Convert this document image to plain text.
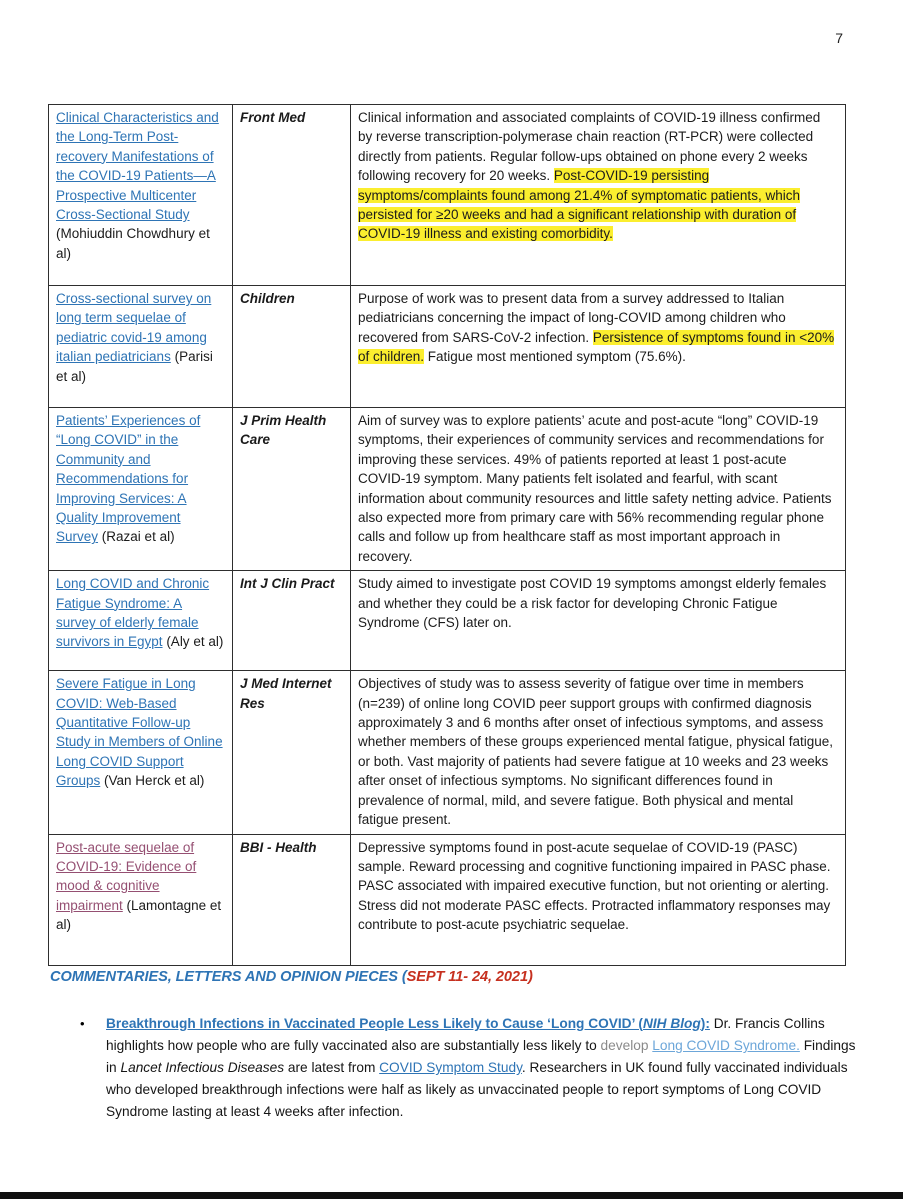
7
Clinical Characteristics and the Long-Term Post-recovery Manifestations of the COVID-19 Patients—A Prospective Multicenter Cross-Sectional Study (Mohiuddin Chowdhury et al)	Front Med	Clinical information and associated complaints of COVID-19 illness confirmed by reverse transcription-polymerase chain reaction (RT-PCR) were collected directly from patients. Regular follow-ups obtained on phone every 2 weeks following recovery for 20 weeks. Post-COVID-19 persisting symptoms/complaints found among 21.4% of symptomatic patients, which persisted for ≥20 weeks and had a significant relationship with duration of COVID-19 illness and existing comorbidity.
Cross-sectional survey on long term sequelae of pediatric covid-19 among italian pediatricians (Parisi et al)	Children	Purpose of work was to present data from a survey addressed to Italian pediatricians concerning the impact of long-COVID among children who recovered from SARS-CoV-2 infection. Persistence of symptoms found in <20% of children. Fatigue most mentioned symptom (75.6%).
Patients’ Experiences of “Long COVID” in the Community and Recommendations for Improving Services: A Quality Improvement Survey (Razai et al)	J Prim Health Care	Aim of survey was to explore patients’ acute and post-acute “long” COVID-19 symptoms, their experiences of community services and recommendations for improving these services. 49% of patients reported at least 1 post-acute COVID-19 symptom. Many patients felt isolated and fearful, with scant information about community resources and little safety netting advice. Patients also expected more from primary care with 56% recommending regular phone calls and follow up from healthcare staff as most important approach in recovery.
Long COVID and Chronic Fatigue Syndrome: A survey of elderly female survivors in Egypt (Aly et al)	Int J Clin Pract	Study aimed to investigate post COVID 19 symptoms amongst elderly females and whether they could be a risk factor for developing Chronic Fatigue Syndrome (CFS) later on.
Severe Fatigue in Long COVID: Web-Based Quantitative Follow-up Study in Members of Online Long COVID Support Groups (Van Herck et al)	J Med Internet Res	Objectives of study was to assess severity of fatigue over time in members (n=239) of online long COVID peer support groups with confirmed diagnosis approximately 3 and 6 months after onset of infectious symptoms, and assess whether members of these groups experienced mental fatigue, physical fatigue, or both. Vast majority of patients had severe fatigue at 10 weeks and 23 weeks after onset of infectious symptoms. No significant differences found in prevalence of normal, mild, and severe fatigue. Both physical and mental fatigue present.
Post-acute sequelae of COVID-19: Evidence of mood & cognitive impairment (Lamontagne et al)	BBI - Health	Depressive symptoms found in post-acute sequelae of COVID-19 (PASC) sample. Reward processing and cognitive functioning impaired in PASC phase. PASC associated with impaired executive function, but not orienting or alerting. Stress did not moderate PASC effects. Protracted inflammatory responses may contribute to post-acute psychiatric sequelae.
COMMENTARIES, LETTERS AND OPINION PIECES (SEPT 11- 24, 2021)
•	Breakthrough Infections in Vaccinated People Less Likely to Cause ‘Long COVID’ (NIH Blog): Dr. Francis Collins highlights how people who are fully vaccinated also are substantially less likely to develop Long COVID Syndrome. Findings in Lancet Infectious Diseases are latest from COVID Symptom Study. Researchers in UK found fully vaccinated individuals who developed breakthrough infections were half as likely as unvaccinated people to report symptoms of Long COVID Syndrome lasting at least 4 weeks after infection.
